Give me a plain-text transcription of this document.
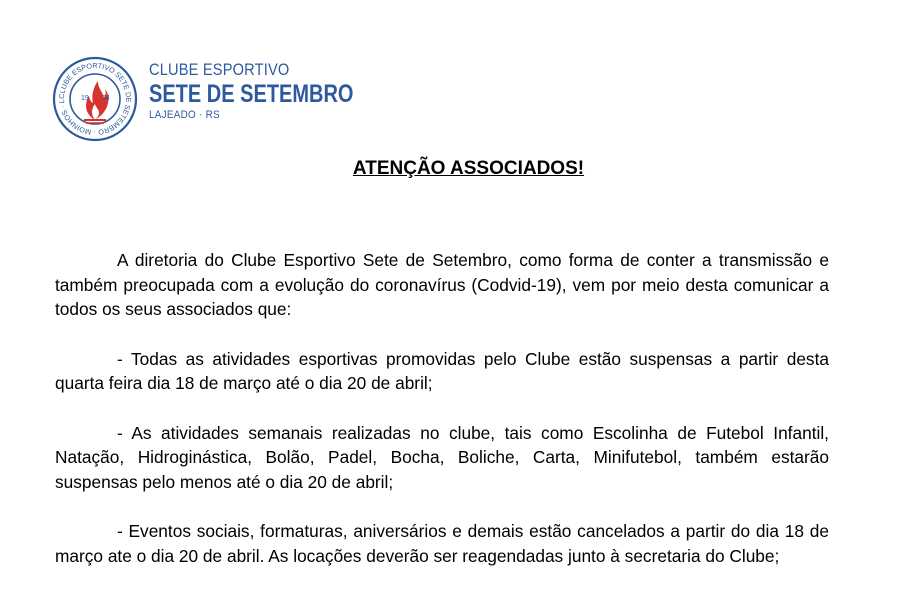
CLUBE ESPORTIVO SETE DE SETEMBRO · MOINHOS · L	19 34
CLUBE ESPORTIVO
SETE DE SETEMBRO
LAJEADO · RS
ATENÇÃO ASSOCIADOS!

A diretoria do Clube Esportivo Sete de Setembro, como forma de conter a transmissão e também preocupada com a evolução do coronavírus (Codvid-19), vem por meio desta comunicar a todos os seus associados que:

- Todas as atividades esportivas promovidas pelo Clube estão suspensas a partir desta quarta feira dia 18 de março até o dia 20 de abril;

- As atividades semanais realizadas no clube, tais como Escolinha de Futebol Infantil, Natação, Hidroginástica, Bolão, Padel, Bocha, Boliche, Carta, Minifutebol, também estarão suspensas pelo menos até o dia 20 de abril;

- Eventos sociais, formaturas, aniversários e demais estão cancelados a partir do dia 18 de março ate o dia 20 de abril. As locações deverão ser reagendadas junto à secretaria do Clube;
